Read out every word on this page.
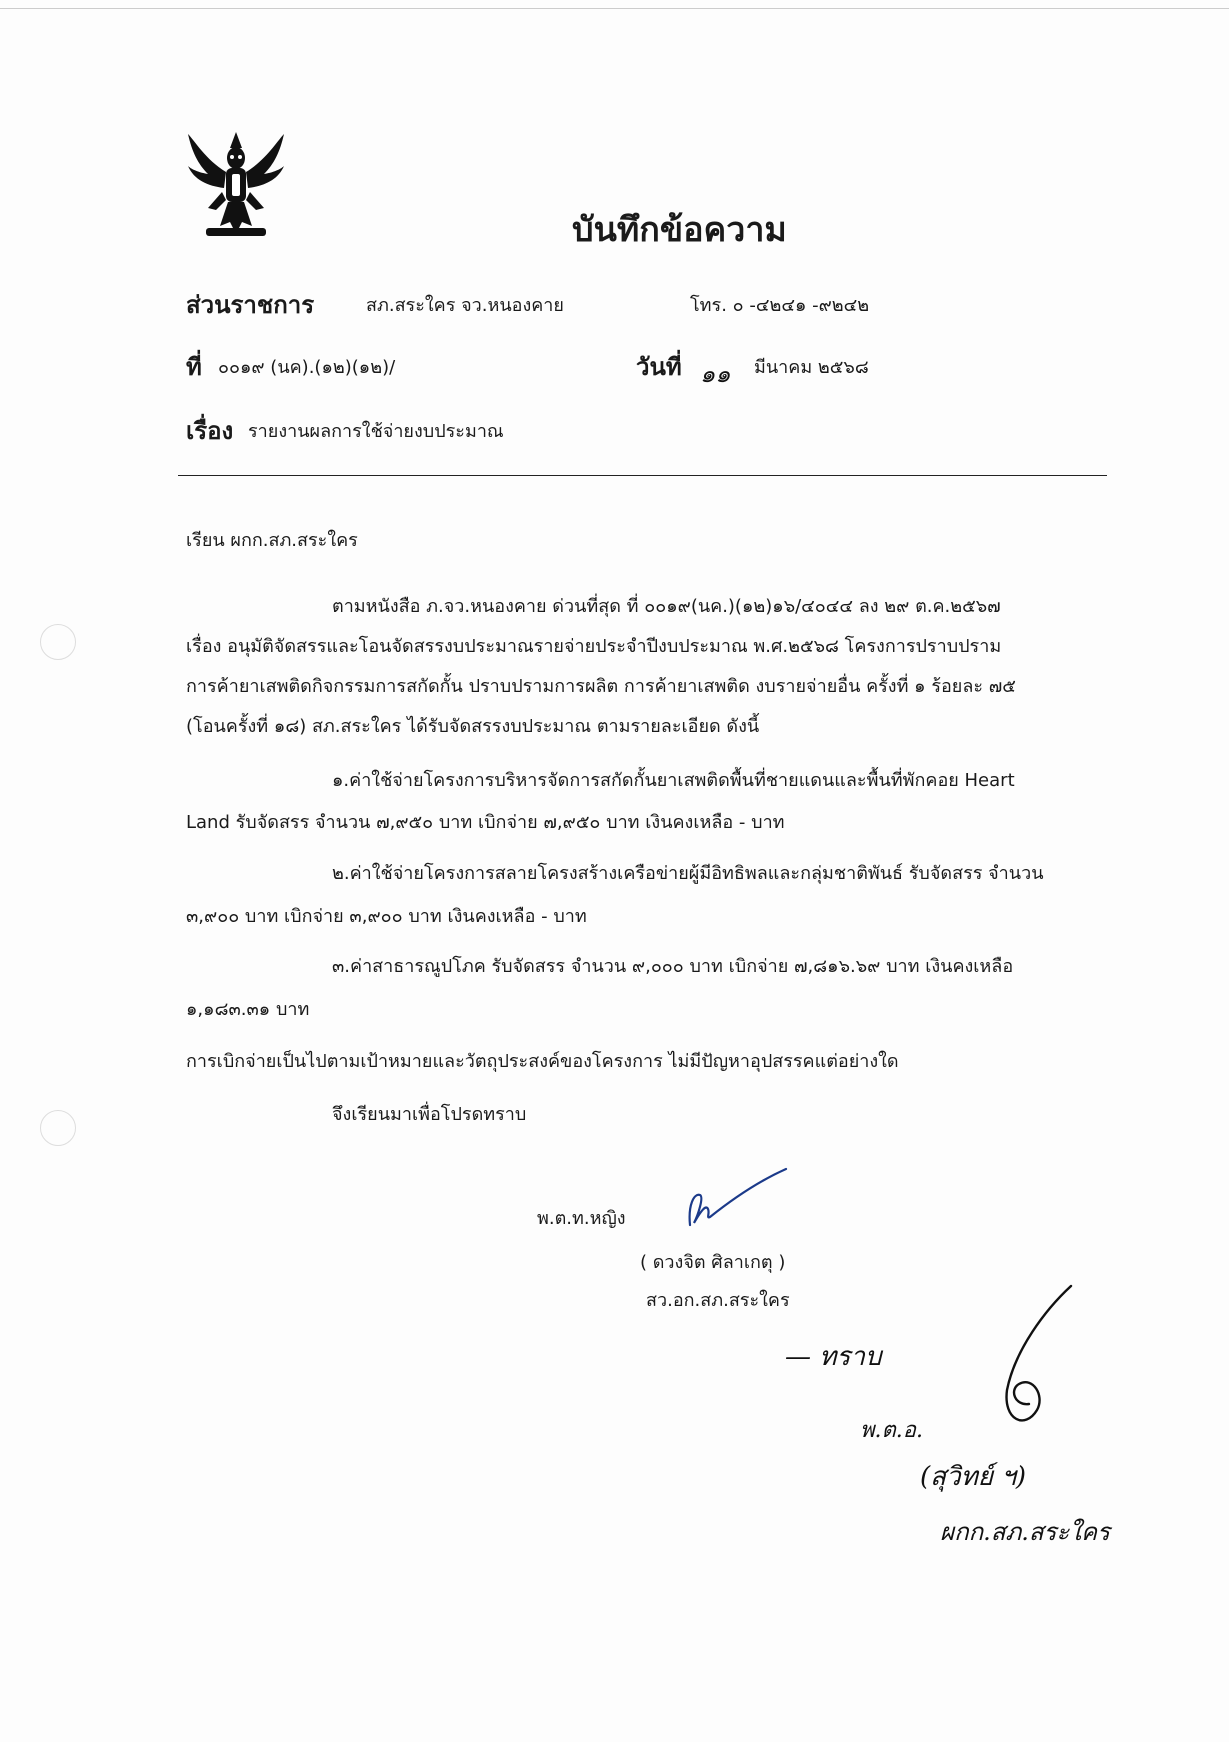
บันทึกข้อความ
ส่วนราชการ	สภ.สระใคร จว.หนองคาย	โทร. ๐ -๔๒๔๑ -๙๒๔๒
ที่ ๐๐๑๙ (นค).(๑๒)(๑๒)/	วันที่ ๑๑ มีนาคม ๒๕๖๘
เรื่อง รายงานผลการใช้จ่ายงบประมาณ
เรียน ผกก.สภ.สระใคร
ตามหนังสือ ภ.จว.หนองคาย ด่วนที่สุด ที่ ๐๐๑๙(นค.)(๑๒)๑๖/๔๐๔๔ ลง ๒๙ ต.ค.๒๕๖๗
เรื่อง อนุมัติจัดสรรและโอนจัดสรรงบประมาณรายจ่ายประจำปีงบประมาณ พ.ศ.๒๕๖๘ โครงการปราบปราม
การค้ายาเสพติดกิจกรรมการสกัดกั้น ปราบปรามการผลิต การค้ายาเสพติด งบรายจ่ายอื่น ครั้งที่ ๑ ร้อยละ ๗๕
(โอนครั้งที่ ๑๘) สภ.สระใคร ได้รับจัดสรรงบประมาณ ตามรายละเอียด ดังนี้
๑.ค่าใช้จ่ายโครงการบริหารจัดการสกัดกั้นยาเสพติดพื้นที่ชายแดนและพื้นที่พักคอย Heart
Land รับจัดสรร จำนวน ๗,๙๕๐ บาท เบิกจ่าย ๗,๙๕๐ บาท เงินคงเหลือ - บาท
๒.ค่าใช้จ่ายโครงการสลายโครงสร้างเครือข่ายผู้มีอิทธิพลและกลุ่มชาติพันธ์ รับจัดสรร จำนวน
๓,๙๐๐ บาท เบิกจ่าย ๓,๙๐๐ บาท เงินคงเหลือ - บาท
๓.ค่าสาธารณูปโภค รับจัดสรร จำนวน ๙,๐๐๐ บาท เบิกจ่าย ๗,๘๑๖.๖๙ บาท เงินคงเหลือ
๑,๑๘๓.๓๑ บาท
การเบิกจ่ายเป็นไปตามเป้าหมายและวัตถุประสงค์ของโครงการ ไม่มีปัญหาอุปสรรคแต่อย่างใด
จึงเรียนมาเพื่อโปรดทราบ
พ.ต.ท.หญิง
( ดวงจิต ศิลาเกตุ )
สว.อก.สภ.สระใคร
— ทราบ
พ.ต.อ.
(สุวิทย์ ฯ)
ผกก.สภ.สระใคร
